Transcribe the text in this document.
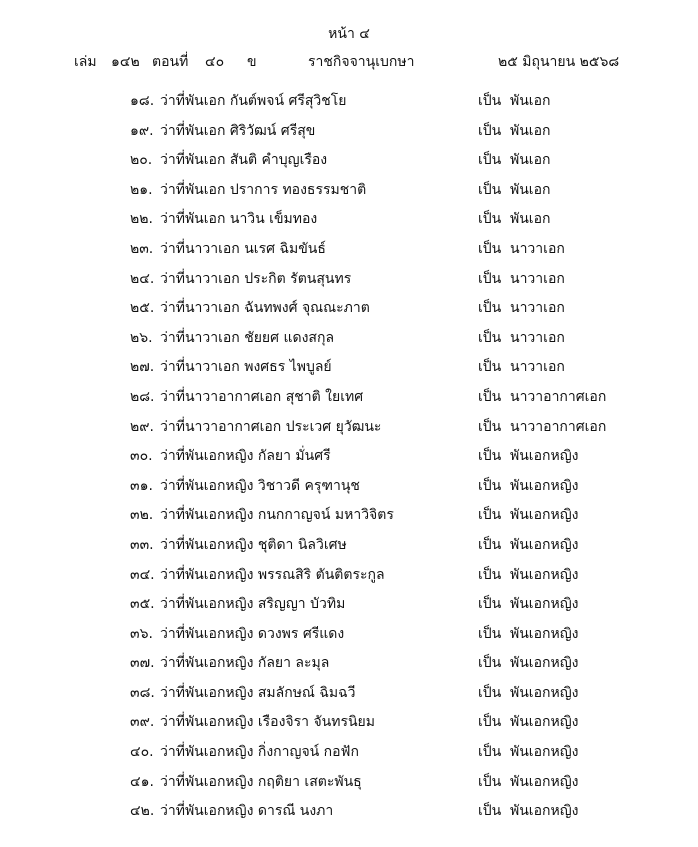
หน้า ๔
เล่ม ๑๔๒ ตอนที่ ๔๐ ข	ราชกิจจานุเบกษา	๒๕ มิถุนายน ๒๕๖๘
๑๘. ว่าที่พันเอก กันต์พจน์ ศรีสุวิชโย	เป็น พันเอก
๑๙. ว่าที่พันเอก ศิริวัฒน์ ศรีสุข	เป็น พันเอก
๒๐. ว่าที่พันเอก สันติ คำบุญเรือง	เป็น พันเอก
๒๑. ว่าที่พันเอก ปราการ ทองธรรมชาติ	เป็น พันเอก
๒๒. ว่าที่พันเอก นาวิน เข็มทอง	เป็น พันเอก
๒๓. ว่าที่นาวาเอก นเรศ ฉิมขันธ์	เป็น นาวาเอก
๒๔. ว่าที่นาวาเอก ประกิต รัตนสุนทร	เป็น นาวาเอก
๒๕. ว่าที่นาวาเอก ฉันทพงศ์ จุณณะภาต	เป็น นาวาเอก
๒๖. ว่าที่นาวาเอก ชัยยศ แดงสกุล	เป็น นาวาเอก
๒๗. ว่าที่นาวาเอก พงศธร ไพบูลย์	เป็น นาวาเอก
๒๘. ว่าที่นาวาอากาศเอก สุชาติ ใยเทศ	เป็น นาวาอากาศเอก
๒๙. ว่าที่นาวาอากาศเอก ประเวศ ยุวัฒนะ	เป็น นาวาอากาศเอก
๓๐. ว่าที่พันเอกหญิง กัลยา มั่นศรี	เป็น พันเอกหญิง
๓๑. ว่าที่พันเอกหญิง วิชาวดี ครุฑานุช	เป็น พันเอกหญิง
๓๒. ว่าที่พันเอกหญิง กนกกาญจน์ มหาวิจิตร	เป็น พันเอกหญิง
๓๓. ว่าที่พันเอกหญิง ชุติดา นิลวิเศษ	เป็น พันเอกหญิง
๓๔. ว่าที่พันเอกหญิง พรรณสิริ ตันติตระกูล	เป็น พันเอกหญิง
๓๕. ว่าที่พันเอกหญิง สริญญา บัวทิม	เป็น พันเอกหญิง
๓๖. ว่าที่พันเอกหญิง ดวงพร ศรีแดง	เป็น พันเอกหญิง
๓๗. ว่าที่พันเอกหญิง กัลยา ละมุล	เป็น พันเอกหญิง
๓๘. ว่าที่พันเอกหญิง สมลักษณ์ ฉิมฉวี	เป็น พันเอกหญิง
๓๙. ว่าที่พันเอกหญิง เรืองจิรา จันทรนิยม	เป็น พันเอกหญิง
๔๐. ว่าที่พันเอกหญิง กิ่งกาญจน์ กอฟัก	เป็น พันเอกหญิง
๔๑. ว่าที่พันเอกหญิง กฤติยา เสตะพันธุ	เป็น พันเอกหญิง
๔๒. ว่าที่พันเอกหญิง ดารณี นงภา	เป็น พันเอกหญิง
